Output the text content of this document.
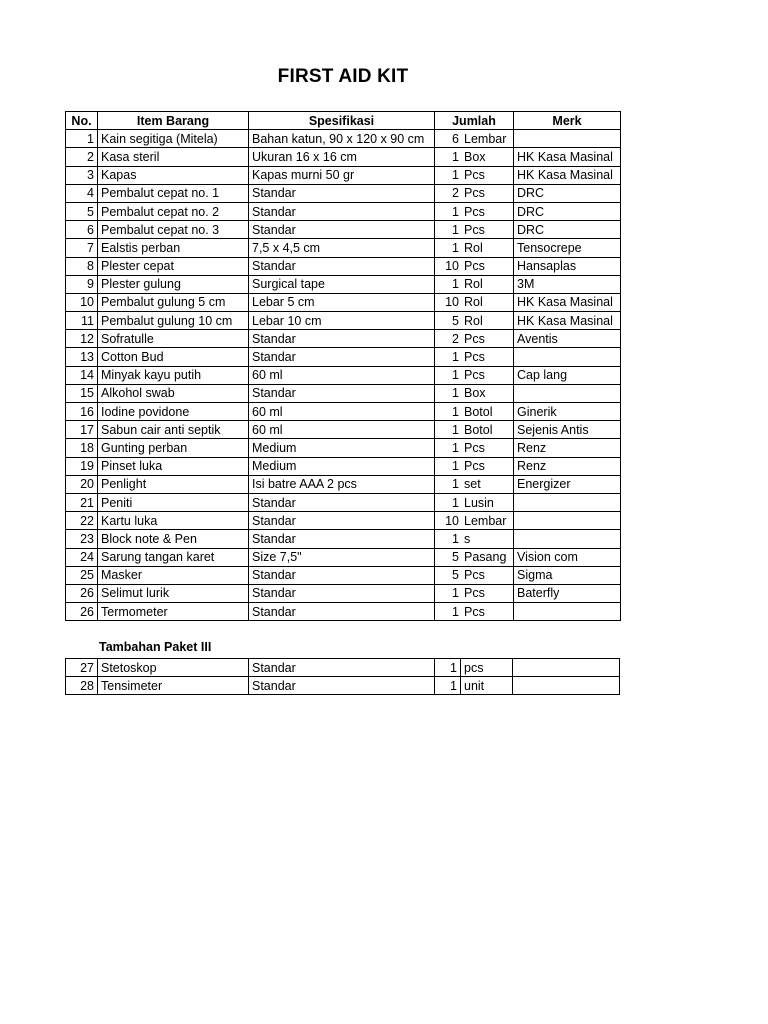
FIRST AID KIT
No.	Item Barang	Spesifikasi	Jumlah	Merk
1	Kain segitiga (Mitela)	Bahan katun, 90 x 120 x 90 cm	6 Lembar	
2	Kasa steril	Ukuran 16 x 16 cm	1 Box	HK Kasa Masinal
3	Kapas	Kapas murni 50 gr	1 Pcs	HK Kasa Masinal
4	Pembalut cepat no. 1	Standar	2 Pcs	DRC
5	Pembalut cepat no. 2	Standar	1 Pcs	DRC
6	Pembalut cepat no. 3	Standar	1 Pcs	DRC
7	Ealstis perban	7,5 x 4,5 cm	1 Rol	Tensocrepe
8	Plester cepat	Standar	10 Pcs	Hansaplas
9	Plester gulung	Surgical tape	1 Rol	3M
10	Pembalut gulung 5 cm	Lebar 5 cm	10 Rol	HK Kasa Masinal
11	Pembalut gulung 10 cm	Lebar 10 cm	5 Rol	HK Kasa Masinal
12	Sofratulle	Standar	2 Pcs	Aventis
13	Cotton Bud	Standar	1 Pcs	
14	Minyak kayu putih	60 ml	1 Pcs	Cap lang
15	Alkohol swab	Standar	1 Box	
16	Iodine povidone	60 ml	1 Botol	Ginerik
17	Sabun cair anti septik	60 ml	1 Botol	Sejenis Antis
18	Gunting perban	Medium	1 Pcs	Renz
19	Pinset luka	Medium	1 Pcs	Renz
20	Penlight	Isi batre AAA 2 pcs	1 set	Energizer
21	Peniti	Standar	1 Lusin	
22	Kartu luka	Standar	10 Lembar	
23	Block note & Pen	Standar	1 s	
24	Sarung tangan karet	Size 7,5"	5 Pasang	Vision com
25	Masker	Standar	5 Pcs	Sigma
26	Selimut lurik	Standar	1 Pcs	Baterfly
26	Termometer	Standar	1 Pcs	
Tambahan Paket III
27	Stetoskop	Standar	1	pcs	
28	Tensimeter	Standar	1	unit	
